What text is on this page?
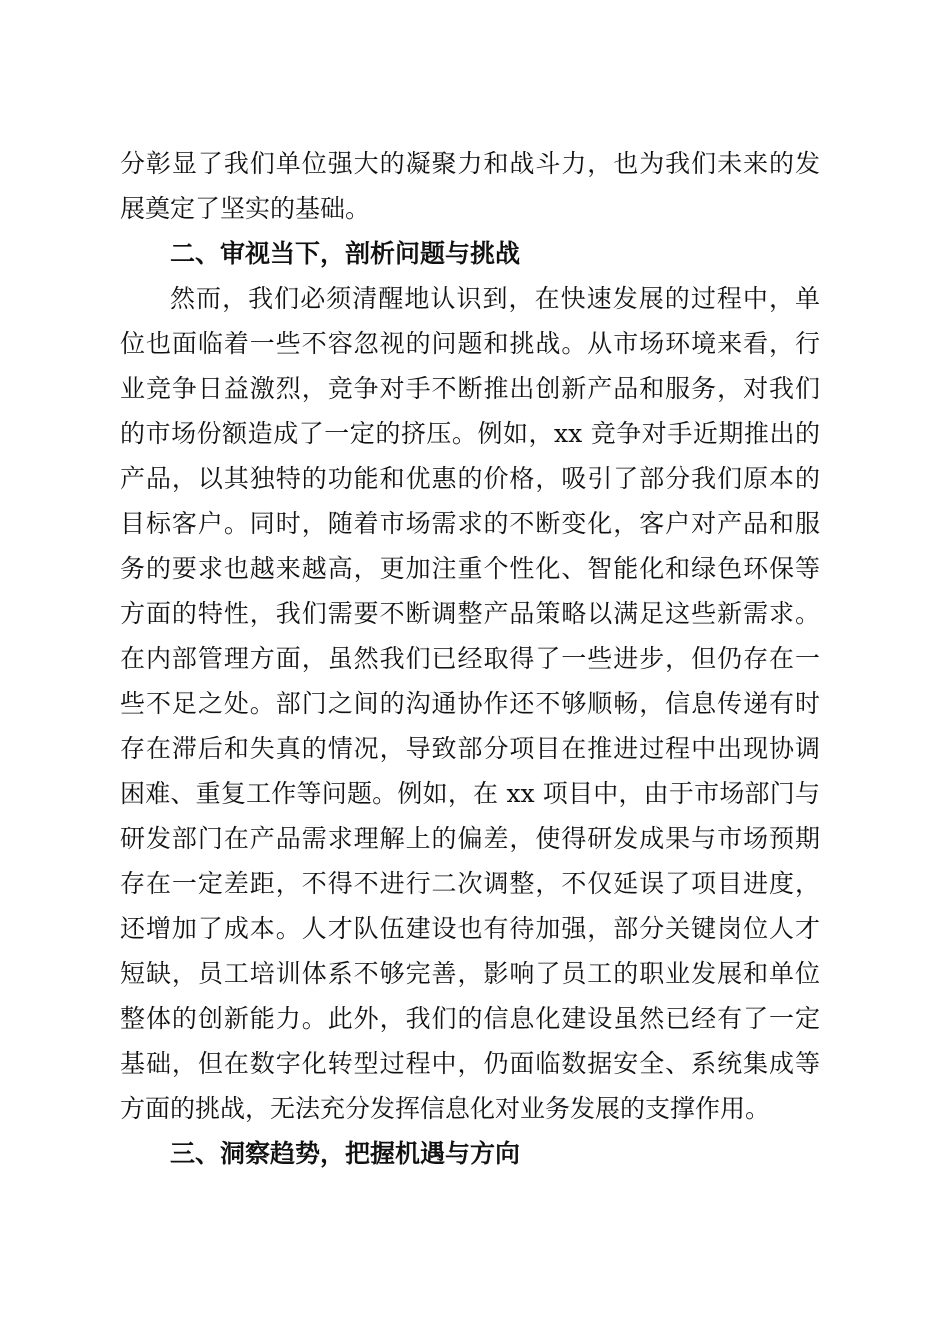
分彰显了我们单位强大的凝聚力和战斗力，也为我们未来的发
展奠定了坚实的基础。
二、审视当下，剖析问题与挑战
然而，我们必须清醒地认识到，在快速发展的过程中，单
位也面临着一些不容忽视的问题和挑战。从市场环境来看，行
业竞争日益激烈，竞争对手不断推出创新产品和服务，对我们
的市场份额造成了一定的挤压。例如，xx 竞争对手近期推出的
产品，以其独特的功能和优惠的价格，吸引了部分我们原本的
目标客户。同时，随着市场需求的不断变化，客户对产品和服
务的要求也越来越高，更加注重个性化、智能化和绿色环保等
方面的特性，我们需要不断调整产品策略以满足这些新需求。
在内部管理方面，虽然我们已经取得了一些进步，但仍存在一
些不足之处。部门之间的沟通协作还不够顺畅，信息传递有时
存在滞后和失真的情况，导致部分项目在推进过程中出现协调
困难、重复工作等问题。例如，在 xx 项目中，由于市场部门与
研发部门在产品需求理解上的偏差，使得研发成果与市场预期
存在一定差距，不得不进行二次调整，不仅延误了项目进度，
还增加了成本。人才队伍建设也有待加强，部分关键岗位人才
短缺，员工培训体系不够完善，影响了员工的职业发展和单位
整体的创新能力。此外，我们的信息化建设虽然已经有了一定
基础，但在数字化转型过程中，仍面临数据安全、系统集成等
方面的挑战，无法充分发挥信息化对业务发展的支撑作用。
三、洞察趋势，把握机遇与方向
